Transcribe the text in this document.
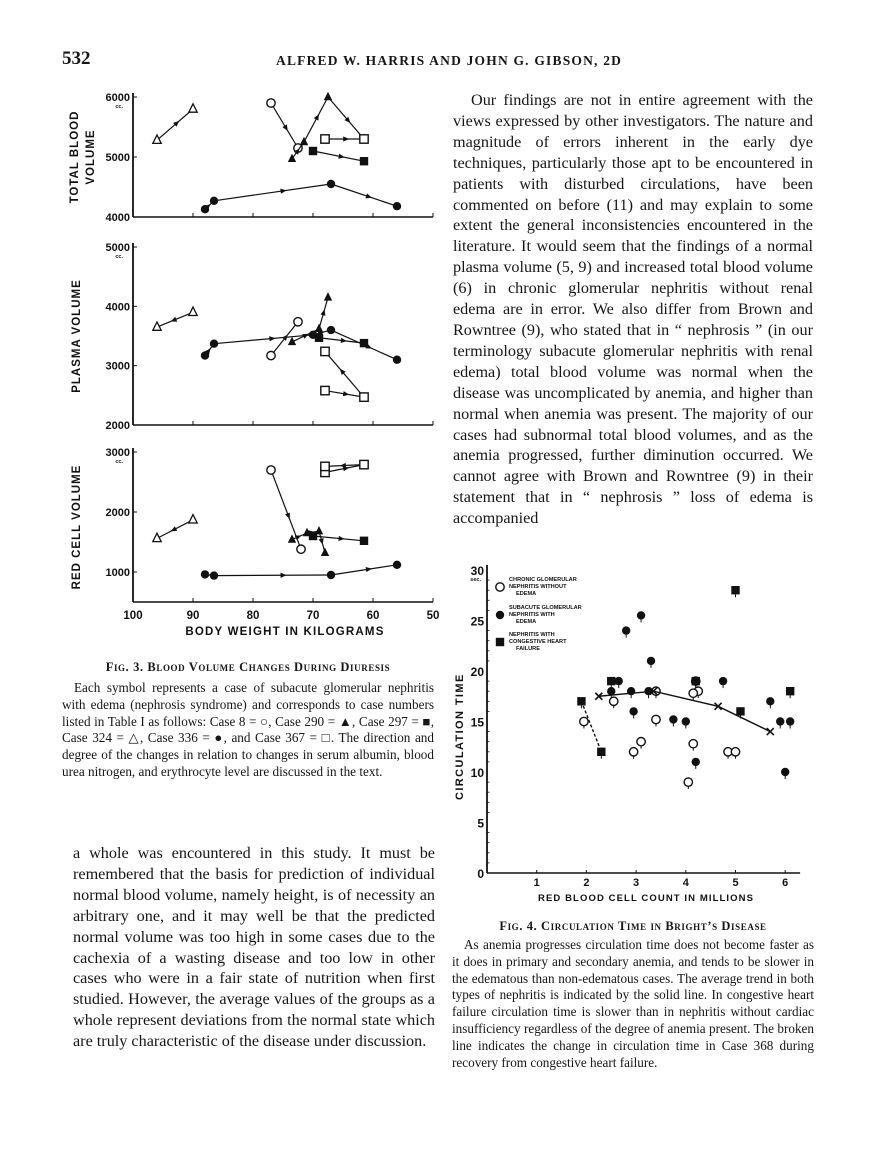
532	ALFRED W. HARRIS AND JOHN G. GIBSON, 2D
4000
5000
6000
cc.
TOTAL BLOOD VOLUME
2000
3000
4000
5000
cc.
PLASMA VOLUME
1000
2000
3000
cc.
RED CELL VOLUME
100	90	80	70	60	50
BODY WEIGHT IN KILOGRAMS
Fig. 3. Blood Volume Changes During Diuresis

Each symbol represents a case of subacute glomerular nephritis with edema (nephrosis syndrome) and corresponds to case numbers listed in Table I as follows: Case 8 = ○, Case 290 = ▲, Case 297 = ■, Case 324 = △, Case 336 = ●, and Case 367 = □. The direction and degree of the changes in relation to changes in serum albumin, blood urea nitrogen, and erythrocyte level are discussed in the text.

a whole was encountered in this study. It must be remembered that the basis for prediction of individual normal blood volume, namely height, is of necessity an arbitrary one, and it may well be that the predicted normal volume was too high in some cases due to the cachexia of a wasting disease and too low in other cases who were in a fair state of nutrition when first studied. However, the average values of the groups as a whole represent deviations from the normal state which are truly characteristic of the disease under discussion.

Our findings are not in entire agreement with the views expressed by other investigators. The nature and magnitude of errors inherent in the early dye techniques, particularly those apt to be encountered in patients with disturbed circulations, have been commented on before (11) and may explain to some extent the general inconsistencies encountered in the literature. It would seem that the findings of a normal plasma volume (5, 9) and increased total blood volume (6) in chronic glomerular nephritis without renal edema are in error. We also differ from Brown and Rowntree (9), who stated that in “ nephrosis ” (in our terminology subacute glomerular nephritis with renal edema) total blood volume was normal when the disease was uncomplicated by anemia, and higher than normal when anemia was present. The majority of our cases had subnormal total blood volumes, and as the anemia progressed, further diminution occurred. We cannot agree with Brown and Rowntree (9) in their statement that in “ nephrosis ” loss of edema is accompanied

0
5
10
15
20
25
30
sec.
1	2	3	4	5	6
RED BLOOD CELL COUNT IN MILLIONS
CIRCULATION TIME
CHRONIC GLOMERULAR
NEPHRITIS WITHOUT
EDEMA
SUBACUTE GLOMERULAR
NEPHRITIS WITH
EDEMA
NEPHRITIS WITH
CONGESTIVE HEART
FAILURE
Fig. 4. Circulation Time in Bright’s Disease

As anemia progresses circulation time does not become faster as it does in primary and secondary anemia, and tends to be slower in the edematous than non-edematous cases. The average trend in both types of nephritis is indicated by the solid line. In congestive heart failure circulation time is slower than in nephritis without cardiac insufficiency regardless of the degree of anemia present. The broken line indicates the change in circulation time in Case 368 during recovery from congestive heart failure.
